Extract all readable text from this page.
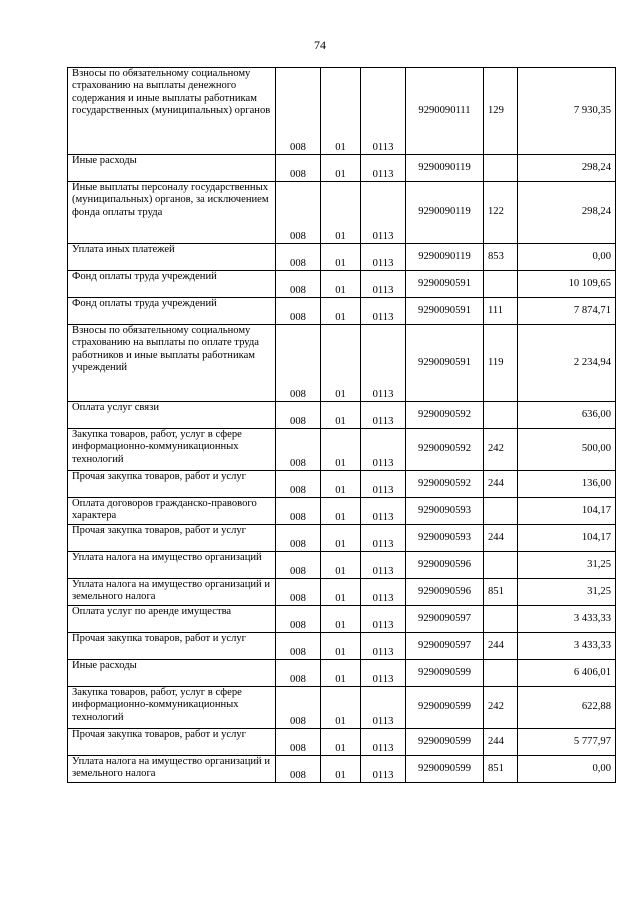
74
Взносы по обязательному социальному страхованию на выплаты денежного содержания и иные выплаты работникам государственных (муниципальных) органов	008	01	0113	9290090111	129	7 930,35
Иные расходы	008	01	0113	9290090119		298,24
Иные выплаты персоналу государственных (муниципальных) органов, за исключением фонда оплаты труда	008	01	0113	9290090119	122	298,24
Уплата иных платежей	008	01	0113	9290090119	853	0,00
Фонд оплаты труда учреждений	008	01	0113	9290090591		10 109,65
Фонд оплаты труда учреждений	008	01	0113	9290090591	111	7 874,71
Взносы по обязательному социальному страхованию на выплаты по оплате труда работников и иные выплаты работникам учреждений	008	01	0113	9290090591	119	2 234,94
Оплата услуг связи	008	01	0113	9290090592		636,00
Закупка товаров, работ, услуг в сфере информационно-коммуникационных технологий	008	01	0113	9290090592	242	500,00
Прочая закупка товаров, работ и услуг	008	01	0113	9290090592	244	136,00
Оплата договоров гражданско-правового характера	008	01	0113	9290090593		104,17
Прочая закупка товаров, работ и услуг	008	01	0113	9290090593	244	104,17
Уплата налога на имущество организаций	008	01	0113	9290090596		31,25
Уплата налога на имущество организаций и земельного налога	008	01	0113	9290090596	851	31,25
Оплата услуг по аренде имущества	008	01	0113	9290090597		3 433,33
Прочая закупка товаров, работ и услуг	008	01	0113	9290090597	244	3 433,33
Иные расходы	008	01	0113	9290090599		6 406,01
Закупка товаров, работ, услуг в сфере информационно-коммуникационных технологий	008	01	0113	9290090599	242	622,88
Прочая закупка товаров, работ и услуг	008	01	0113	9290090599	244	5 777,97
Уплата налога на имущество организаций и земельного налога	008	01	0113	9290090599	851	0,00
